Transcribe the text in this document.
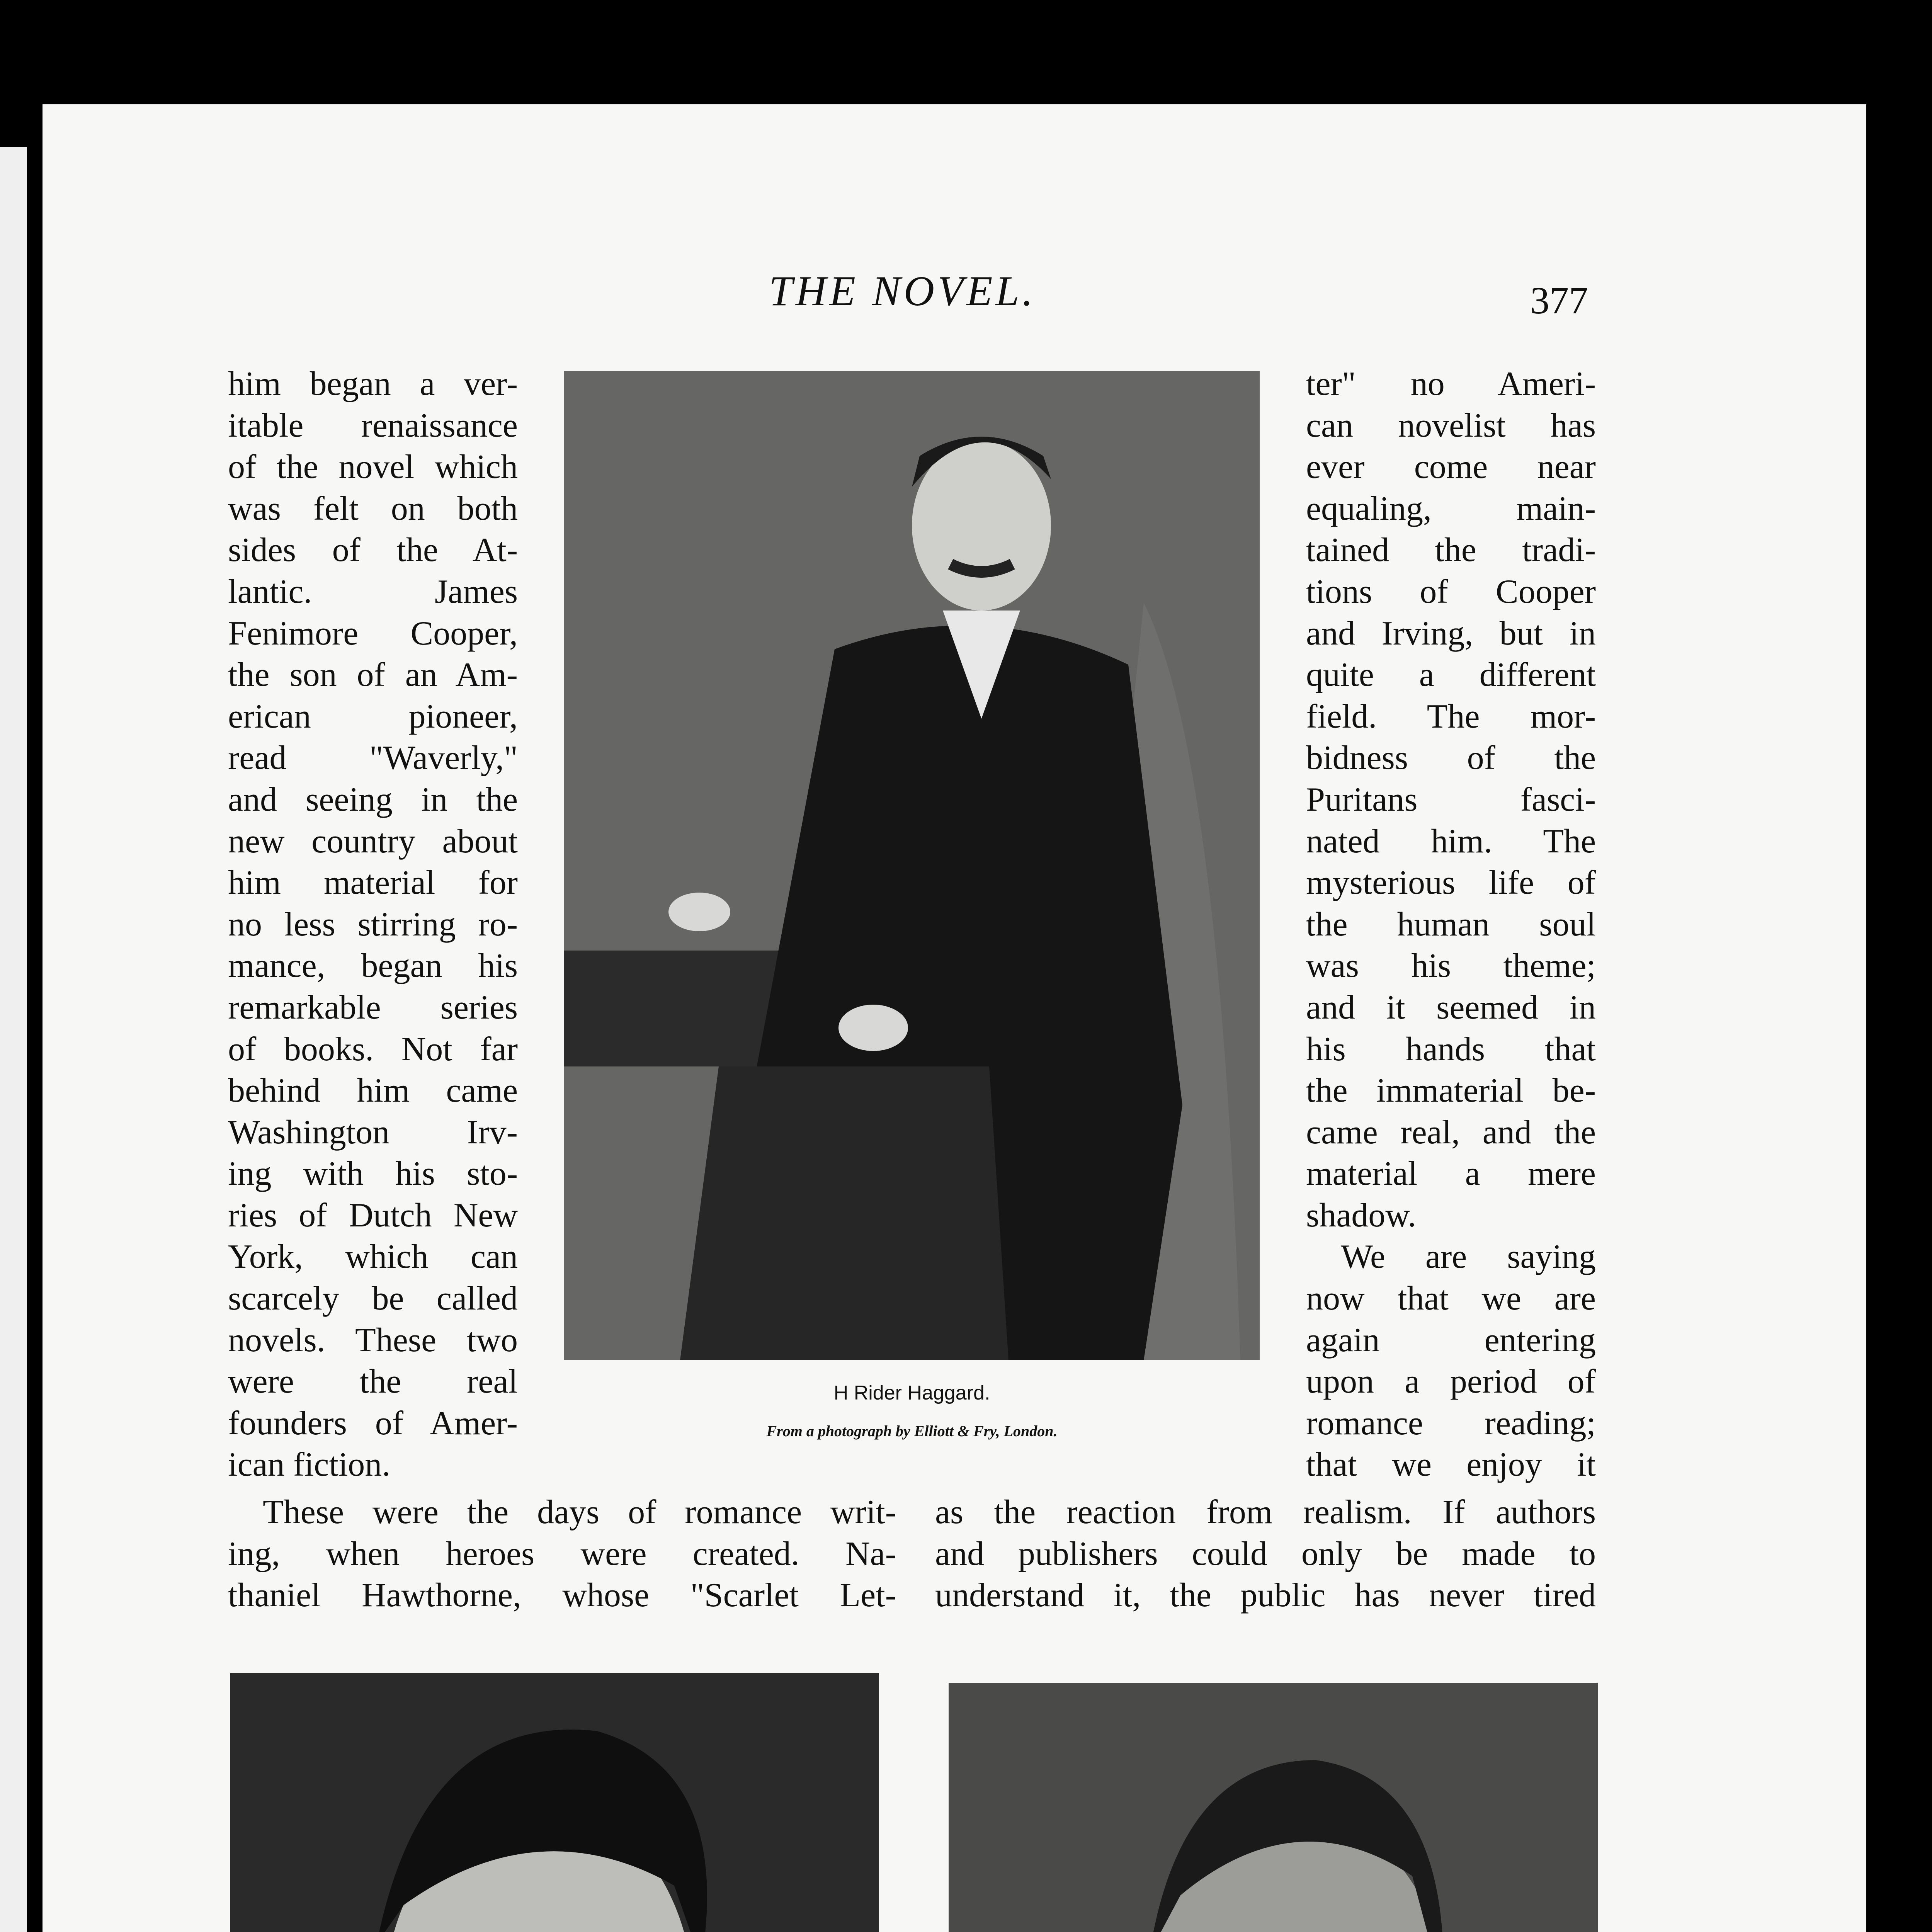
THE NOVEL.	377
him began a ver-
itable renaissance
of the novel which
was felt on both
sides of the At-
lantic. James
Fenimore Cooper,
the son of an Am-
erican pioneer,
read "Waverly,"
and seeing in the
new country about
him material for
no less stirring ro-
mance, began his
remarkable series
of books. Not far
behind him came
Washington Irv-
ing with his sto-
ries of Dutch New
York, which can
scarcely be called
novels. These two
were the real
founders of Amer-
ican fiction.
H Rider Haggard.
From a photograph by Elliott & Fry, London.
ter" no Ameri-
can novelist has
ever come near
equaling, main-
tained the tradi-
tions of Cooper
and Irving, but in
quite a different
field. The mor-
bidness of the
Puritans fasci-
nated him. The
mysterious life of
the human soul
was his theme;
and it seemed in
his hands that
the immaterial be-
came real, and the
material a mere
shadow.
We are saying
now that we are
again entering
upon a period of
romance reading;
that we enjoy it
These were the days of romance writ-
ing, when heroes were created. Na-
thaniel Hawthorne, whose "Scarlet Let-
as the reaction from realism. If authors
and publishers could only be made to
understand it, the public has never tired
